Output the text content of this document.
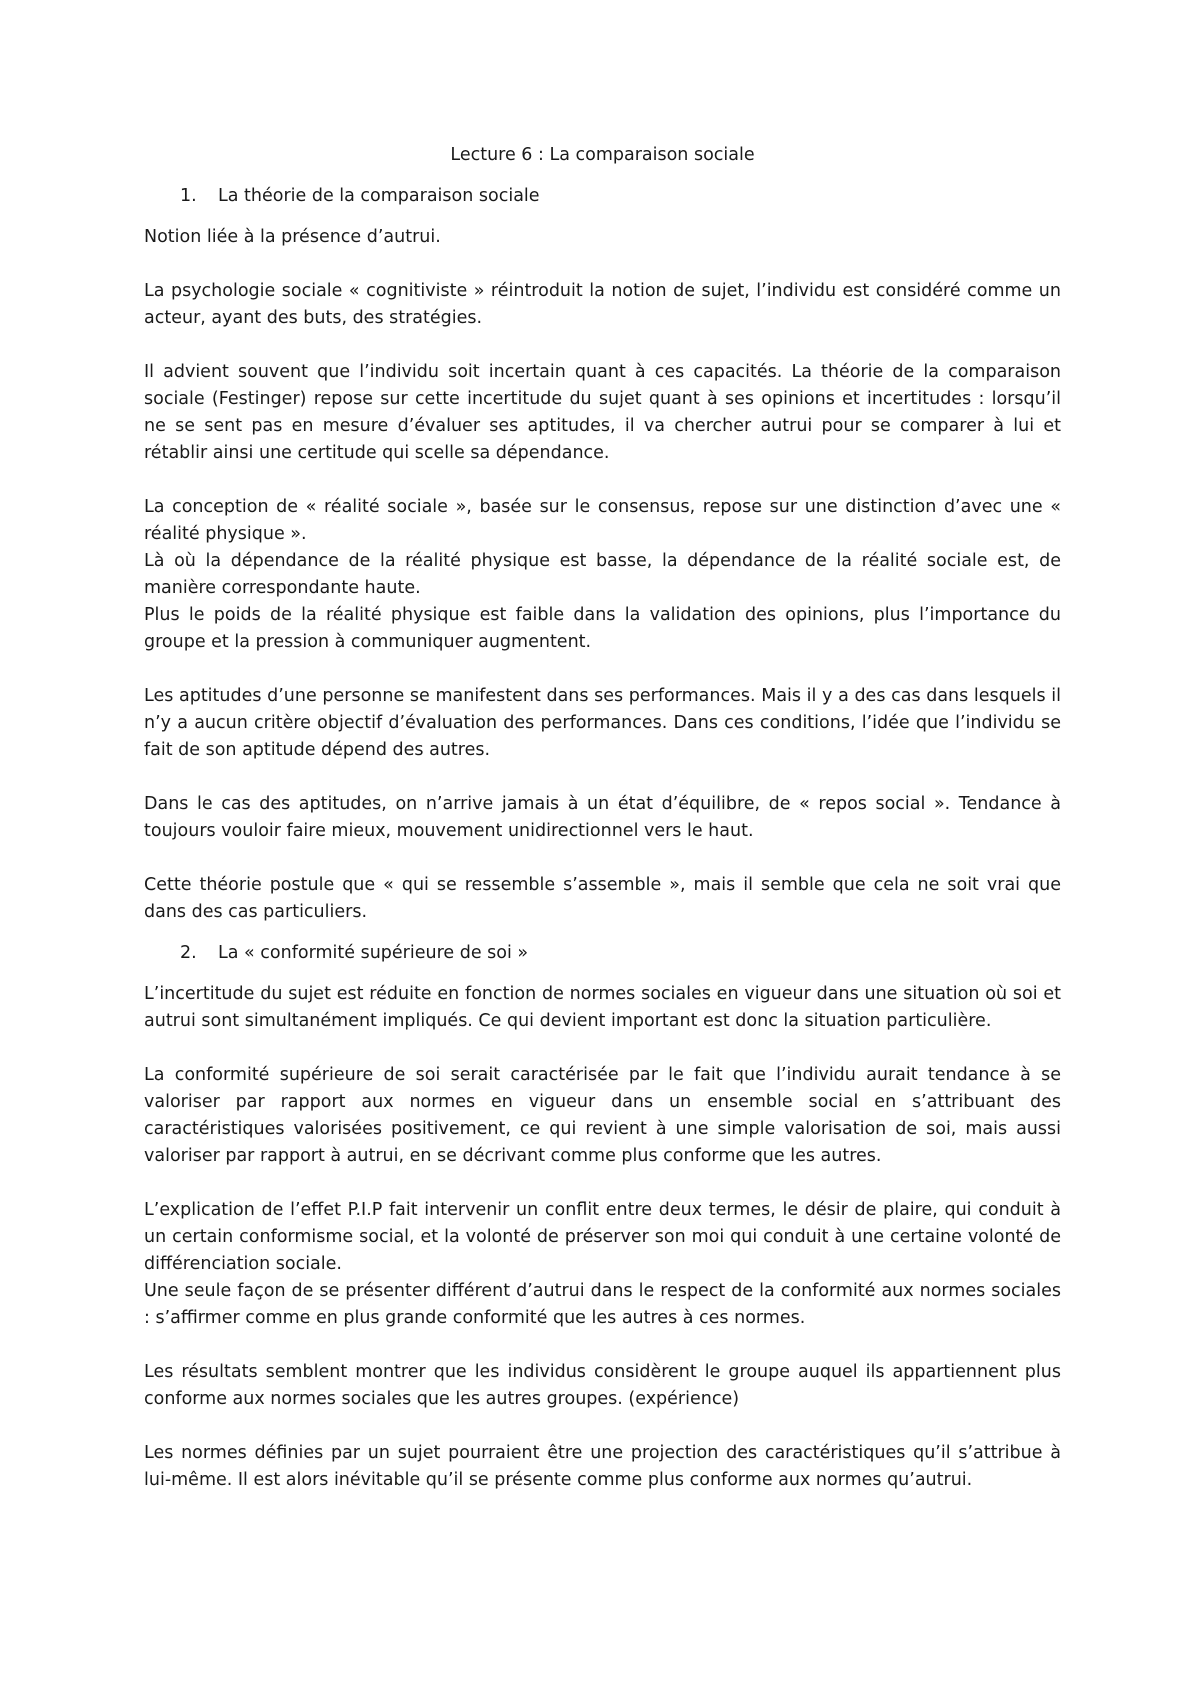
Lecture 6 : La comparaison sociale
1. La théorie de la comparaison sociale

Notion liée à la présence d’autrui.

La psychologie sociale « cognitiviste » réintroduit la notion de sujet, l’individu est considéré comme un acteur, ayant des buts, des stratégies.

Il advient souvent que l’individu soit incertain quant à ces capacités. La théorie de la comparaison sociale (Festinger) repose sur cette incertitude du sujet quant à ses opinions et incertitudes : lorsqu’il ne se sent pas en mesure d’évaluer ses aptitudes, il va chercher autrui pour se comparer à lui et rétablir ainsi une certitude qui scelle sa dépendance.

La conception de « réalité sociale », basée sur le consensus, repose sur une distinction d’avec une « réalité physique ».

Là où la dépendance de la réalité physique est basse, la dépendance de la réalité sociale est, de manière correspondante haute.

Plus le poids de la réalité physique est faible dans la validation des opinions, plus l’importance du groupe et la pression à communiquer augmentent.

Les aptitudes d’une personne se manifestent dans ses performances. Mais il y a des cas dans lesquels il n’y a aucun critère objectif d’évaluation des performances. Dans ces conditions, l’idée que l’individu se fait de son aptitude dépend des autres.

Dans le cas des aptitudes, on n’arrive jamais à un état d’équilibre, de « repos social ». Tendance à toujours vouloir faire mieux, mouvement unidirectionnel vers le haut.

Cette théorie postule que « qui se ressemble s’assemble », mais il semble que cela ne soit vrai que dans des cas particuliers.

2. La « conformité supérieure de soi »

L’incertitude du sujet est réduite en fonction de normes sociales en vigueur dans une situation où soi et autrui sont simultanément impliqués. Ce qui devient important est donc la situation particulière.

La conformité supérieure de soi serait caractérisée par le fait que l’individu aurait tendance à se valoriser par rapport aux normes en vigueur dans un ensemble social en s’attribuant des caractéristiques valorisées positivement, ce qui revient à une simple valorisation de soi, mais aussi valoriser par rapport à autrui, en se décrivant comme plus conforme que les autres.

L’explication de l’effet P.I.P fait intervenir un conflit entre deux termes, le désir de plaire, qui conduit à un certain conformisme social, et la volonté de préserver son moi qui conduit à une certaine volonté de différenciation sociale.

Une seule façon de se présenter différent d’autrui dans le respect de la conformité aux normes sociales : s’affirmer comme en plus grande conformité que les autres à ces normes.

Les résultats semblent montrer que les individus considèrent le groupe auquel ils appartiennent plus conforme aux normes sociales que les autres groupes. (expérience)

Les normes définies par un sujet pourraient être une projection des caractéristiques qu’il s’attribue à lui-même. Il est alors inévitable qu’il se présente comme plus conforme aux normes qu’autrui.
